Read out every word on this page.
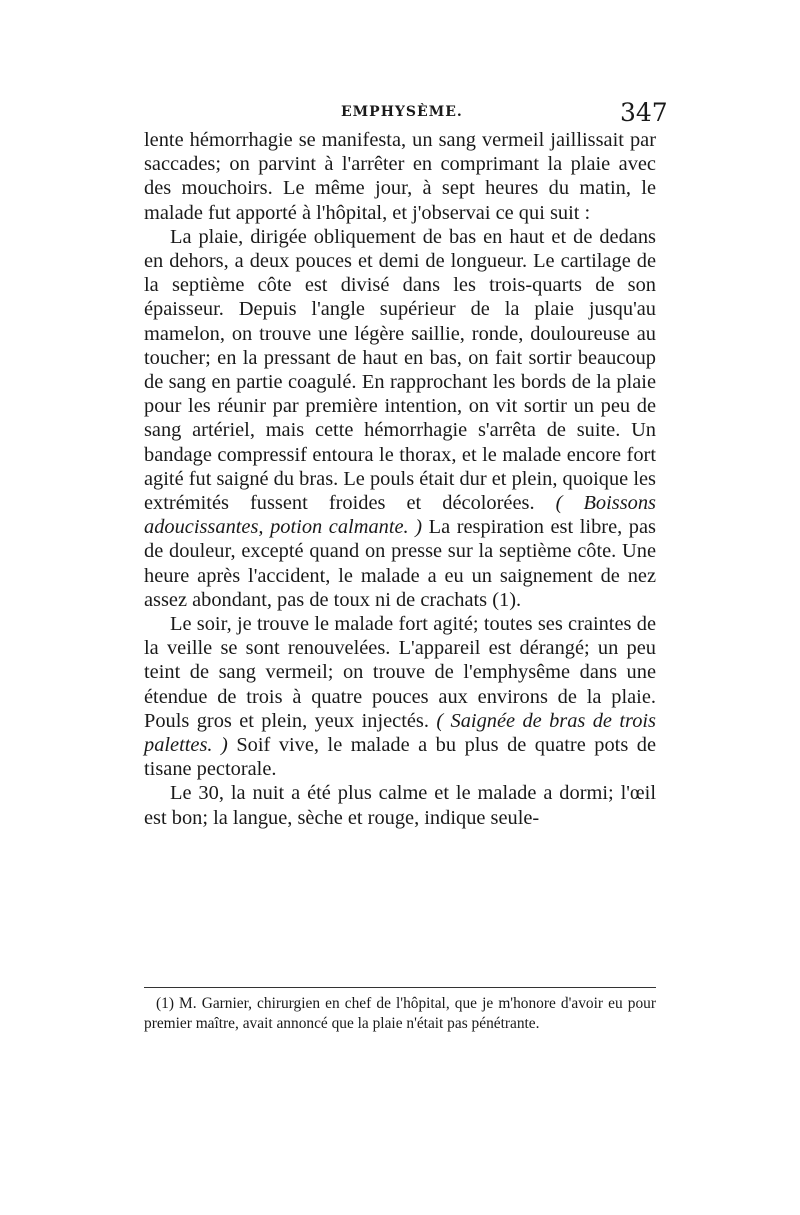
EMPHYSÈME.	347

lente hémorrhagie se manifesta, un sang vermeil jaillissait par saccades; on parvint à l'arrêter en comprimant la plaie avec des mouchoirs. Le même jour, à sept heures du matin, le malade fut apporté à l'hôpital, et j'observai ce qui suit :

La plaie, dirigée obliquement de bas en haut et de dedans en dehors, a deux pouces et demi de longueur. Le cartilage de la septième côte est divisé dans les trois-quarts de son épaisseur. Depuis l'angle supérieur de la plaie jusqu'au mamelon, on trouve une légère saillie, ronde, douloureuse au toucher; en la pressant de haut en bas, on fait sortir beaucoup de sang en partie coagulé. En rapprochant les bords de la plaie pour les réunir par première intention, on vit sortir un peu de sang artériel, mais cette hémorrhagie s'arrêta de suite. Un bandage compressif entoura le thorax, et le malade encore fort agité fut saigné du bras. Le pouls était dur et plein, quoique les extrémités fussent froides et décolorées. ( Boissons adoucissantes, potion calmante. ) La respiration est libre, pas de douleur, excepté quand on presse sur la septième côte. Une heure après l'accident, le malade a eu un saignement de nez assez abondant, pas de toux ni de crachats (1).

Le soir, je trouve le malade fort agité; toutes ses craintes de la veille se sont renouvelées. L'appareil est dérangé; un peu teint de sang vermeil; on trouve de l'emphysême dans une étendue de trois à quatre pouces aux environs de la plaie. Pouls gros et plein, yeux injectés. ( Saignée de bras de trois palettes. ) Soif vive, le malade a bu plus de quatre pots de tisane pectorale.

Le 30, la nuit a été plus calme et le malade a dormi; l'œil est bon; la langue, sèche et rouge, indique seule-

(1) M. Garnier, chirurgien en chef de l'hôpital, que je m'honore d'avoir eu pour premier maître, avait annoncé que la plaie n'était pas pénétrante.
